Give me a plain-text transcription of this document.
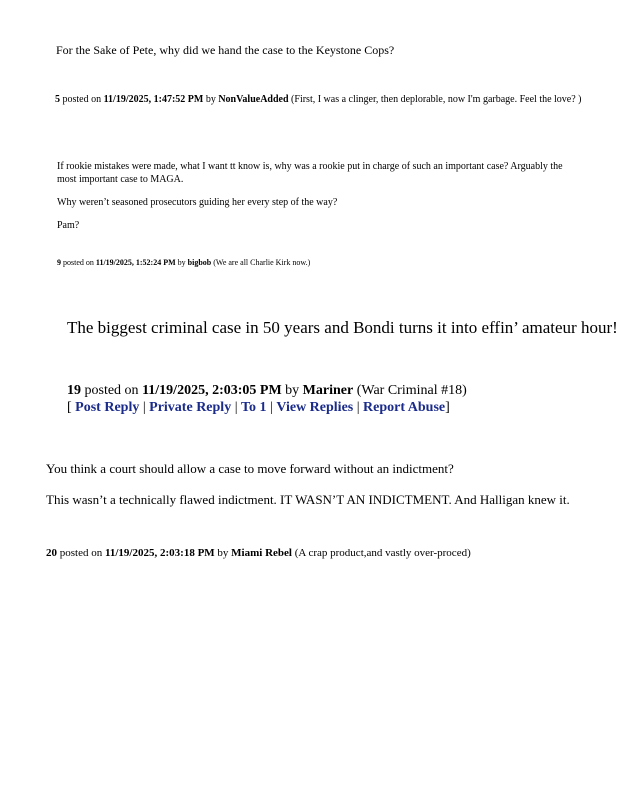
For the Sake of Pete, why did we hand the case to the Keystone Cops?
5 posted on 11/19/2025, 1:47:52 PM by NonValueAdded (First, I was a clinger, then deplorable, now I'm garbage. Feel the love? )

If rookie mistakes were made, what I want tt know is, why was a rookie put in charge of such an important case? Arguably the most important case to MAGA.

Why weren’t seasoned prosecutors guiding her every step of the way?

Pam?

9 posted on 11/19/2025, 1:52:24 PM by bigbob (We are all Charlie Kirk now.)
The biggest criminal case in 50 years and Bondi turns it into effin’ amateur hour!
19 posted on 11/19/2025, 2:03:05 PM by Mariner (War Criminal #18)
[ Post Reply | Private Reply | To 1 | View Replies | Report Abuse]
You think a court should allow a case to move forward without an indictment?
This wasn’t a technically flawed indictment. IT WASN’T AN INDICTMENT. And Halligan knew it.
20 posted on 11/19/2025, 2:03:18 PM by Miami Rebel (A crap product,and vastly over-proced)
